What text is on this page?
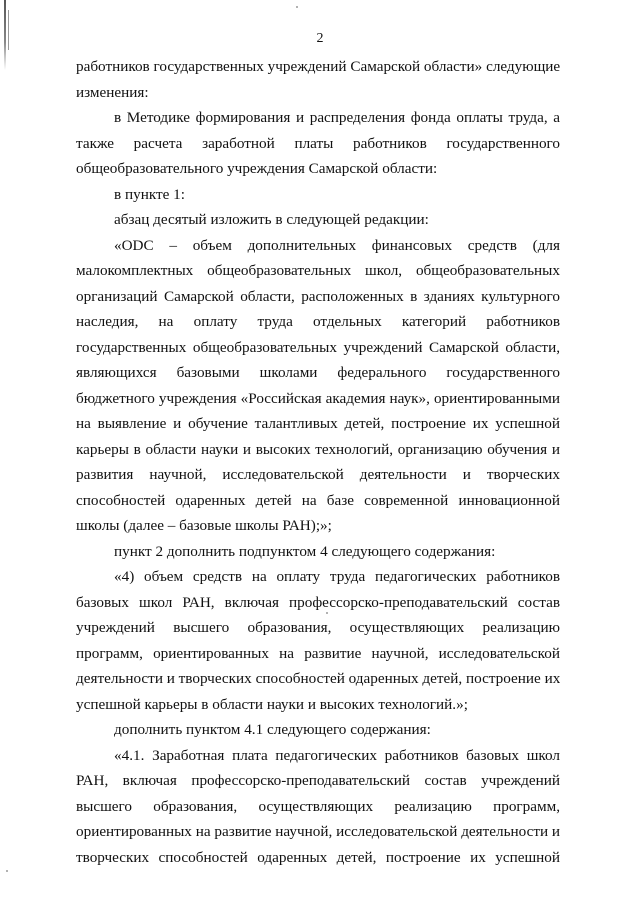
2
работников государственных учреждений Самарской области» следующие
изменения:
в Методике формирования и распределения фонда оплаты труда, а
также расчета заработной платы работников государственного
общеобразовательного учреждения Самарской области:
в пункте 1:
абзац десятый изложить в следующей редакции:
«ODC – объем дополнительных финансовых средств (для
малокомплектных общеобразовательных школ, общеобразовательных
организаций Самарской области, расположенных в зданиях культурного
наследия, на оплату труда отдельных категорий работников
государственных общеобразовательных учреждений Самарской области,
являющихся базовыми школами федерального государственного
бюджетного учреждения «Российская академия наук», ориентированными
на выявление и обучение талантливых детей, построение их успешной
карьеры в области науки и высоких технологий, организацию обучения и
развития научной, исследовательской деятельности и творческих
способностей одаренных детей на базе современной инновационной
школы (далее – базовые школы РАН);»;
пункт 2 дополнить подпунктом 4 следующего содержания:
«4) объем средств на оплату труда педагогических работников
базовых школ РАН, включая профессорско-преподавательский состав
учреждений высшего образования, осуществляющих реализацию
программ, ориентированных на развитие научной, исследовательской
деятельности и творческих способностей одаренных детей, построение их
успешной карьеры в области науки и высоких технологий.»;
дополнить пунктом 4.1 следующего содержания:
«4.1. Заработная плата педагогических работников базовых школ
РАН, включая профессорско-преподавательский состав учреждений
высшего образования, осуществляющих реализацию программ,
ориентированных на развитие научной, исследовательской деятельности и
творческих способностей одаренных детей, построение их успешной
